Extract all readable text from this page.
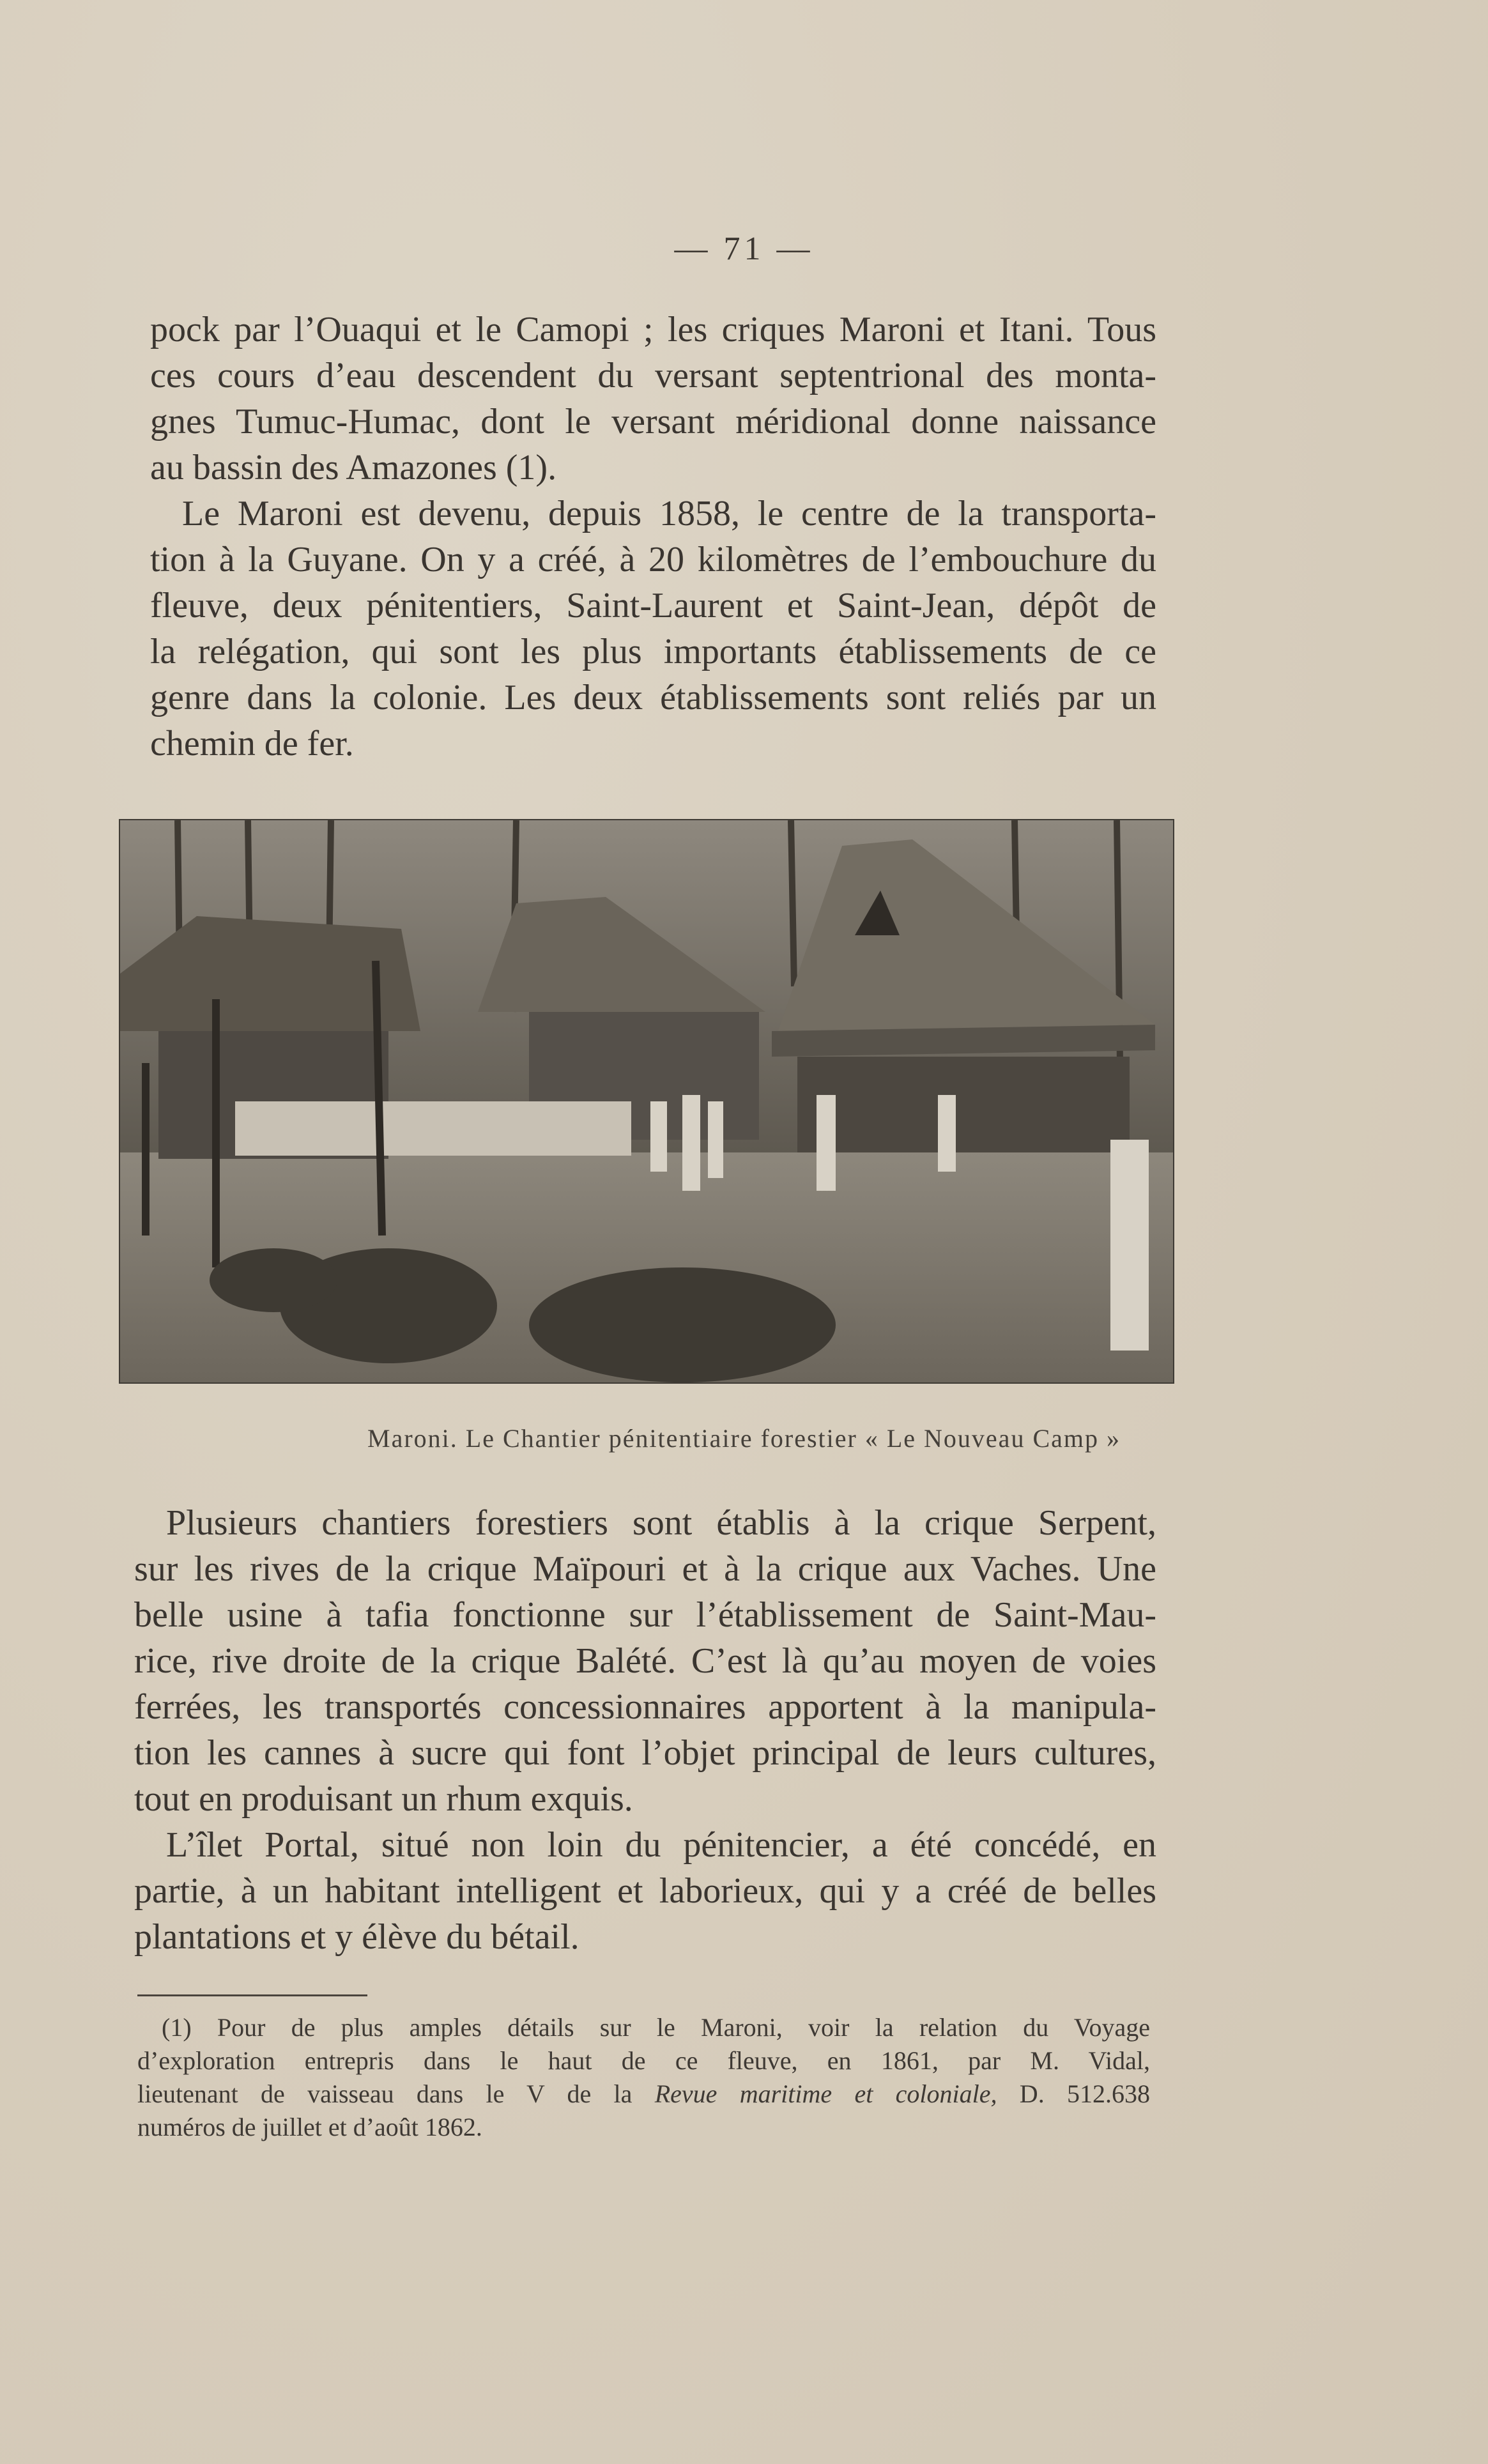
— 71 —

pock par l’Ouaqui et le Camopi ; les criques Maroni et Itani. Tous
ces cours d’eau descendent du versant septentrional des monta-
gnes Tumuc-Humac, dont le versant méridional donne naissance
au bassin des Amazones (1).

Le Maroni est devenu, depuis 1858, le centre de la transporta-
tion à la Guyane. On y a créé, à 20 kilomètres de l’embouchure du
fleuve, deux pénitentiers, Saint-Laurent et Saint-Jean, dépôt de
la relégation, qui sont les plus importants établissements de ce
genre dans la colonie. Les deux établissements sont reliés par un
chemin de fer.

Maroni. Le Chantier pénitentiaire forestier « Le Nouveau Camp »

Plusieurs chantiers forestiers sont établis à la crique Serpent,
sur les rives de la crique Maïpouri et à la crique aux Vaches. Une
belle usine à tafia fonctionne sur l’établissement de Saint-Mau-
rice, rive droite de la crique Balété. C’est là qu’au moyen de voies
ferrées, les transportés concessionnaires apportent à la manipula-
tion les cannes à sucre qui font l’objet principal de leurs cultures,
tout en produisant un rhum exquis.

L’îlet Portal, situé non loin du pénitencier, a été concédé, en
partie, à un habitant intelligent et laborieux, qui y a créé de belles
plantations et y élève du bétail.

(1) Pour de plus amples détails sur le Maroni, voir la relation du Voyage
d’exploration entrepris dans le haut de ce fleuve, en 1861, par M. Vidal,
lieutenant de vaisseau dans le V de la Revue maritime et coloniale, D. 512.638
numéros de juillet et d’août 1862.
